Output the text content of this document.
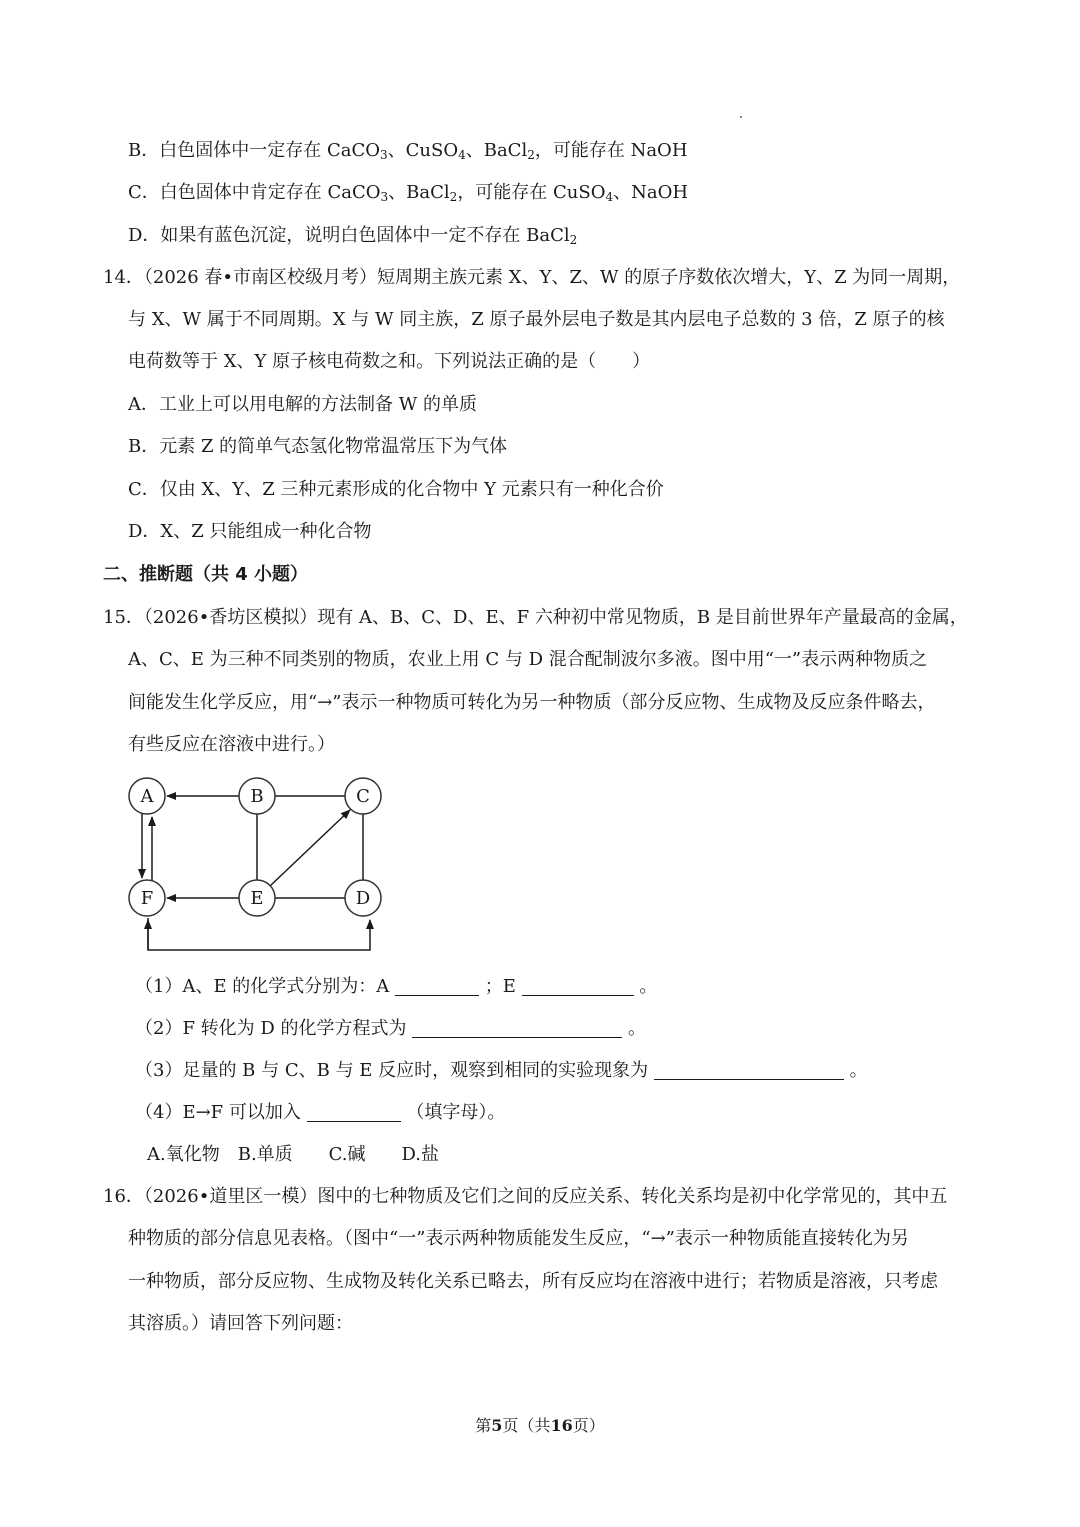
B．白色固体中一定存在 CaCO$_3$、CuSO$_4$、BaCl$_2$，可能存在 NaOH
C．白色固体中肯定存在 CaCO$_3$、BaCl$_2$，可能存在 CuSO$_4$、NaOH
D．如果有蓝色沉淀，说明白色固体中一定不存在 BaCl$_2$
14．（2026 春•市南区校级月考）短周期主族元素 X、Y、Z、W 的原子序数依次增大，Y、Z 为同一周期，
与 X、W 属于不同周期。X 与 W 同主族，Z 原子最外层电子数是其内层电子总数的 3 倍，Z 原子的核
电荷数等于 X、Y 原子核电荷数之和。下列说法正确的是（　　）
A．工业上可以用电解的方法制备 W 的单质
B．元素 Z 的简单气态氢化物常温常压下为气体
C．仅由 X、Y、Z 三种元素形成的化合物中 Y 元素只有一种化合价
D．X、Z 只能组成一种化合物
二、推断题（共 4 小题）
15．（2026•香坊区模拟）现有 A、B、C、D、E、F 六种初中常见物质，B 是目前世界年产量最高的金属，
A、C、E 为三种不同类别的物质，农业上用 C 与 D 混合配制波尔多液。图中用“一”表示两种物质之
间能发生化学反应，用“→”表示一种物质可转化为另一种物质（部分反应物、生成物及反应条件略去，
有些反应在溶液中进行。）
A	B	C
F	E	D
（1）A、E 的化学式分别为：A	；E	。
（2）F 转化为 D 的化学方程式为	。
（3）足量的 B 与 C、B 与 E 反应时，观察到相同的实验现象为	。
（4）E→F 可以加入	（填字母）。
A.氧化物　B.单质　　C.碱　　D.盐
16．（2026•道里区一模）图中的七种物质及它们之间的反应关系、转化关系均是初中化学常见的，其中五
种物质的部分信息见表格。（图中“一”表示两种物质能发生反应，“→”表示一种物质能直接转化为另
一种物质，部分反应物、生成物及转化关系已略去，所有反应均在溶液中进行；若物质是溶液，只考虑
其溶质。）请回答下列问题：
第5页（共16页）
